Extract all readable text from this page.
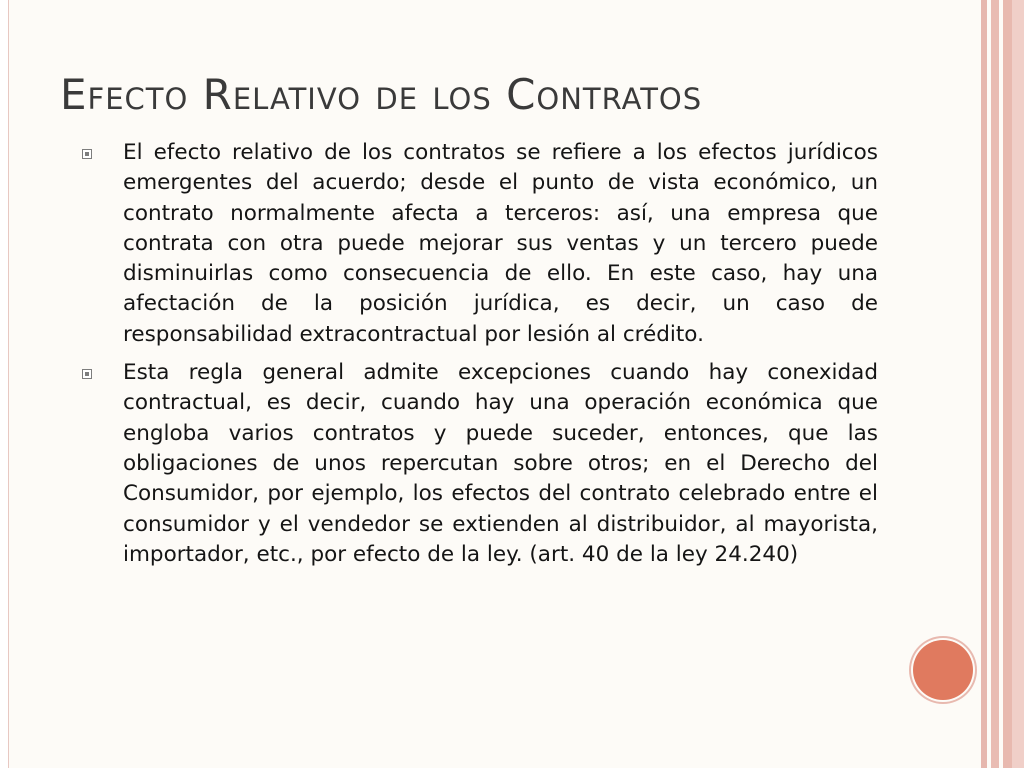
Efecto Relativo de los Contratos

El efecto relativo de los contratos se refiere a los efectos jurídicos emergentes del acuerdo; desde el punto de vista económico, un contrato normalmente afecta a terceros: así, una empresa que contrata con otra puede mejorar sus ventas y un tercero puede disminuirlas como consecuencia de ello. En este caso, hay una afectación de la posición jurídica, es decir, un caso de responsabilidad extracontractual por lesión al crédito.

Esta regla general admite excepciones cuando hay conexidad contractual, es decir, cuando hay una operación económica que engloba varios contratos y puede suceder, entonces, que las obligaciones de unos repercutan sobre otros; en el Derecho del Consumidor, por ejemplo, los efectos del contrato celebrado entre el consumidor y el vendedor se extienden al distribuidor, al mayorista, importador, etc., por efecto de la ley. (art. 40 de la ley 24.240)
